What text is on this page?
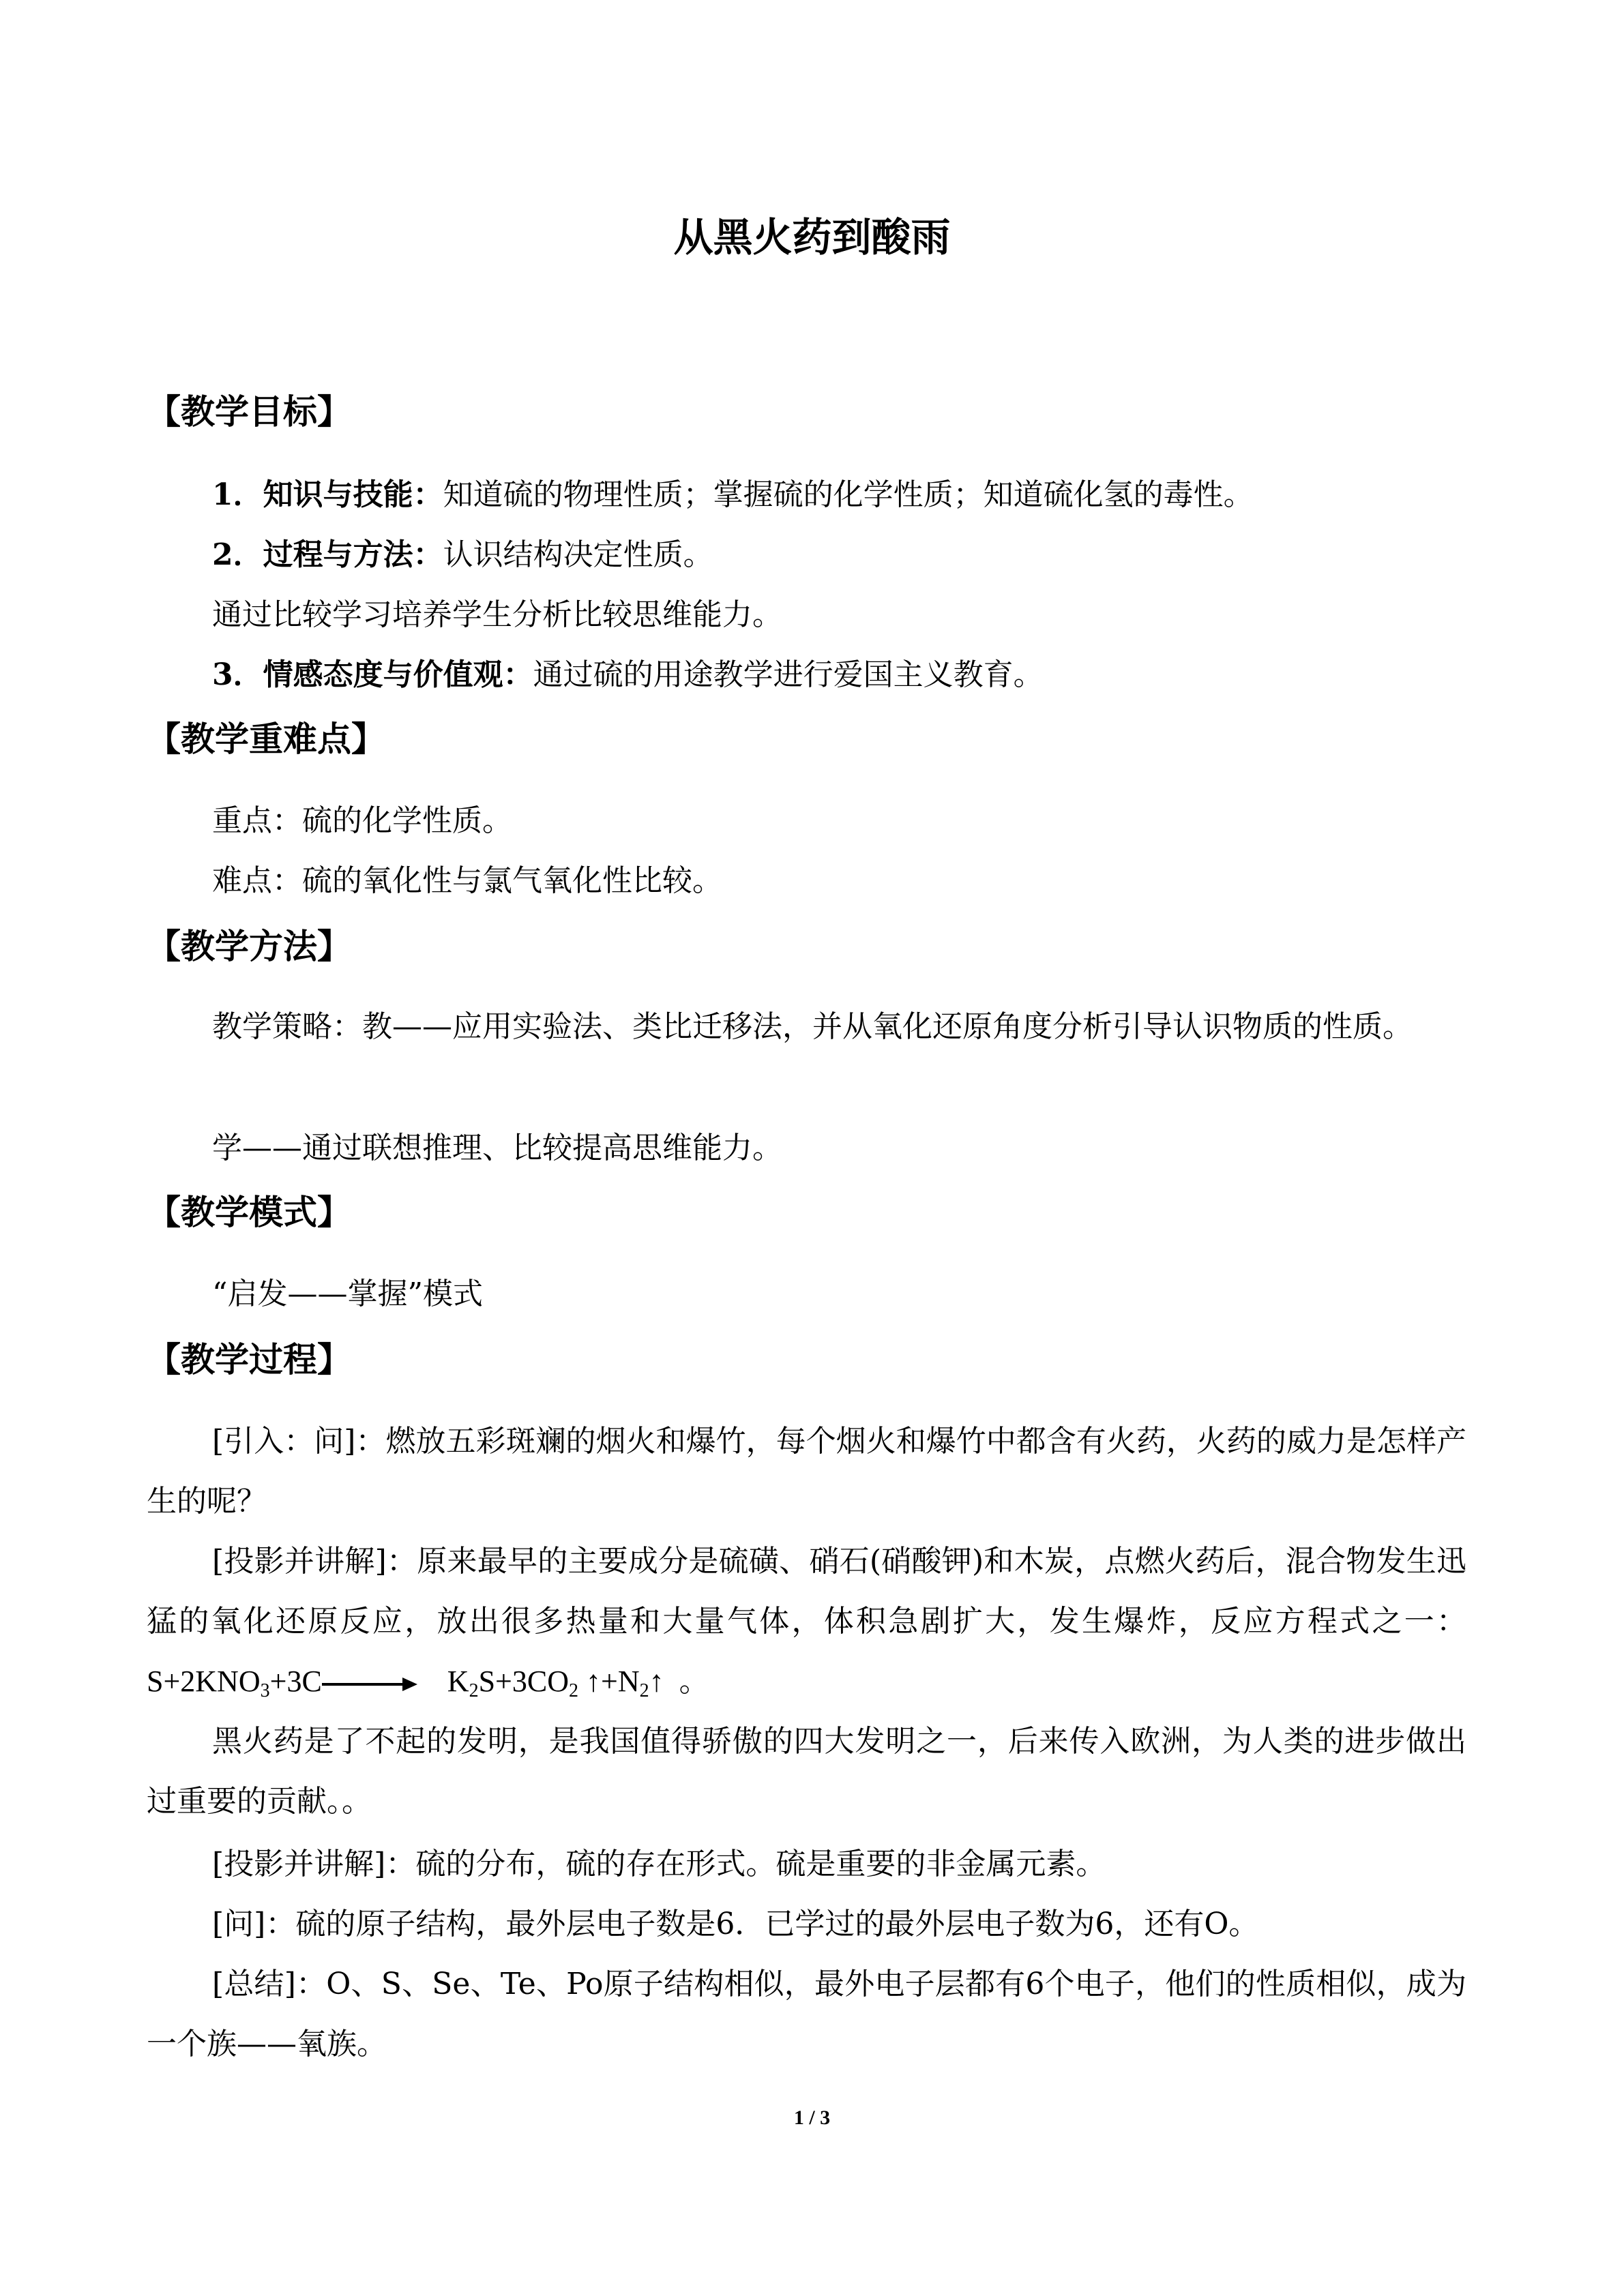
从黑火药到酸雨
【教学目标】

1．知识与技能：知道硫的物理性质；掌握硫的化学性质；知道硫化氢的毒性。

2．过程与方法：认识结构决定性质。

通过比较学习培养学生分析比较思维能力。

3．情感态度与价值观：通过硫的用途教学进行爱国主义教育。

【教学重难点】

重点：硫的化学性质。

难点：硫的氧化性与氯气氧化性比较。

【教学方法】

教学策略：教——应用实验法、类比迁移法，并从氧化还原角度分析引导认识物质的性质。

学——通过联想推理、比较提高思维能力。

【教学模式】

“启发——掌握”模式

【教学过程】

[引入：问]：燃放五彩斑斓的烟火和爆竹，每个烟火和爆竹中都含有火药，火药的威力是怎样产生的呢？

[投影并讲解]：原来最早的主要成分是硫磺、硝石(硝酸钾)和木炭，点燃火药后，混合物发生迅猛的氧化还原反应，放出很多热量和大量气体，体积急剧扩大，发生爆炸，反应方程式之一：$S+2KNO_3+3C\to K_2S+3CO_2$ $↑+N_2↑$ 。

黑火药是了不起的发明，是我国值得骄傲的四大发明之一，后来传入欧洲，为人类的进步做出过重要的贡献。。

[投影并讲解]：硫的分布，硫的存在形式。硫是重要的非金属元素。

[问]：硫的原子结构，最外层电子数是6．已学过的最外层电子数为6，还有O。

[总结]：O、S、Se、Te、Po原子结构相似，最外电子层都有6个电子，他们的性质相似，成为一个族——氧族。

1 / 3
